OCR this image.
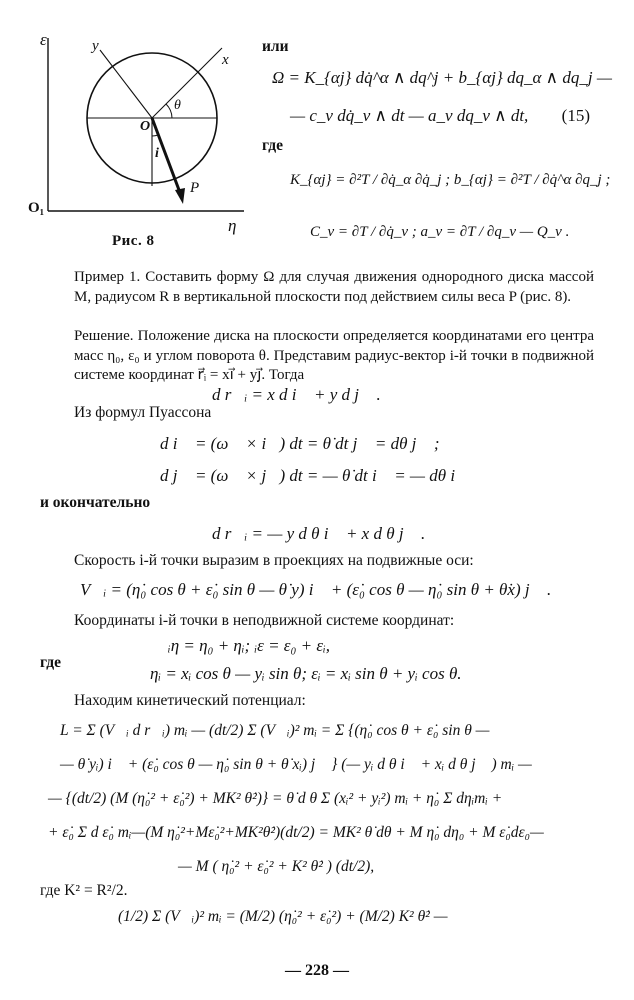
ε
η
O₁
O
x
y
θ
i
P
Рис. 8
или
Ω = K_{αj} dq̇^α ∧ dq^j + b_{αj} dq_α ∧ dq_j —
— c_ν dq̇_ν ∧ dt — a_ν dq_ν ∧ dt, (15)
где
K_{αj} = ∂²T / ∂q̇_α ∂q̇_j ; b_{αj} = ∂²T / ∂q̇^α ∂q_j ;
C_ν = ∂T / ∂q̇_ν ; a_ν = ∂T / ∂q_ν — Q_ν .
Пример 1. Составить форму Ω для случая движения однородного диска массой M, радиусом R в вертикальной плоскости под действием силы веса P (рис. 8).
Решение. Положение диска на плоскости определяется координатами его центра масс η₀, ε₀ и углом поворота θ. Представим радиус-вектор i-й точки в подвижной системе координат r⃗ᵢ = xi⃗ + yj⃗. Тогда
d r⃗ᵢ = x d i⃗ + y d j⃗ .
Из формул Пуассона
d i⃗ = (ω⃗ × i⃗) dt = θ̇ dt j⃗ = dθ j⃗ ;
d j⃗ = (ω⃗ × j⃗) dt = — θ̇ dt i⃗ = — dθ i⃗
и окончательно
d r⃗ᵢ = — y d θ i⃗ + x d θ j⃗ .
Скорость i-й точки выразим в проекциях на подвижные оси:
V⃗ᵢ = (η̇₀ cos θ + ε̇₀ sin θ — θ̇ y) i⃗ + (ε̇₀ cos θ — η̇₀ sin θ + θ̇x) j⃗ .
Координаты i-й точки в неподвижной системе координат:
ᵢη = η₀ + ηᵢ; ᵢε = ε₀ + εᵢ,
где
ηᵢ = xᵢ cos θ — yᵢ sin θ; εᵢ = xᵢ sin θ + yᵢ cos θ.
Находим кинетический потенциал:
L = Σ (V⃗ᵢ d r⃗ᵢ) mᵢ — (dt/2) Σ (V⃗ᵢ)² mᵢ = Σ {(η̇₀ cos θ + ε̇₀ sin θ —
— θ̇ yᵢ) i⃗ + (ε̇₀ cos θ — η̇₀ sin θ + θ̇ xᵢ) j⃗ } (— yᵢ d θ i⃗ + xᵢ d θ j⃗ ) mᵢ —
— {(dt/2) (M (η̇₀² + ε̇₀²) + MK² θ̇²)} = θ̇ d θ Σ (xᵢ² + yᵢ²) mᵢ + η̇₀ Σ dηᵢmᵢ +
+ ε̇₀ Σ d ε̇₀ mᵢ—(M η̇₀²+Mε̇₀²+MK²θ̇²)(dt/2) = MK² θ̇ dθ + M η̇₀ dη₀ + M ε̇₀dε₀—
— M ( η̇₀² + ε̇₀² + K² θ̇² ) (dt/2),
где K² = R²/2.
(1/2) Σ (V⃗ᵢ)² mᵢ = (M/2) (η̇₀² + ε̇₀²) + (M/2) K² θ̇² —
— 228 —
